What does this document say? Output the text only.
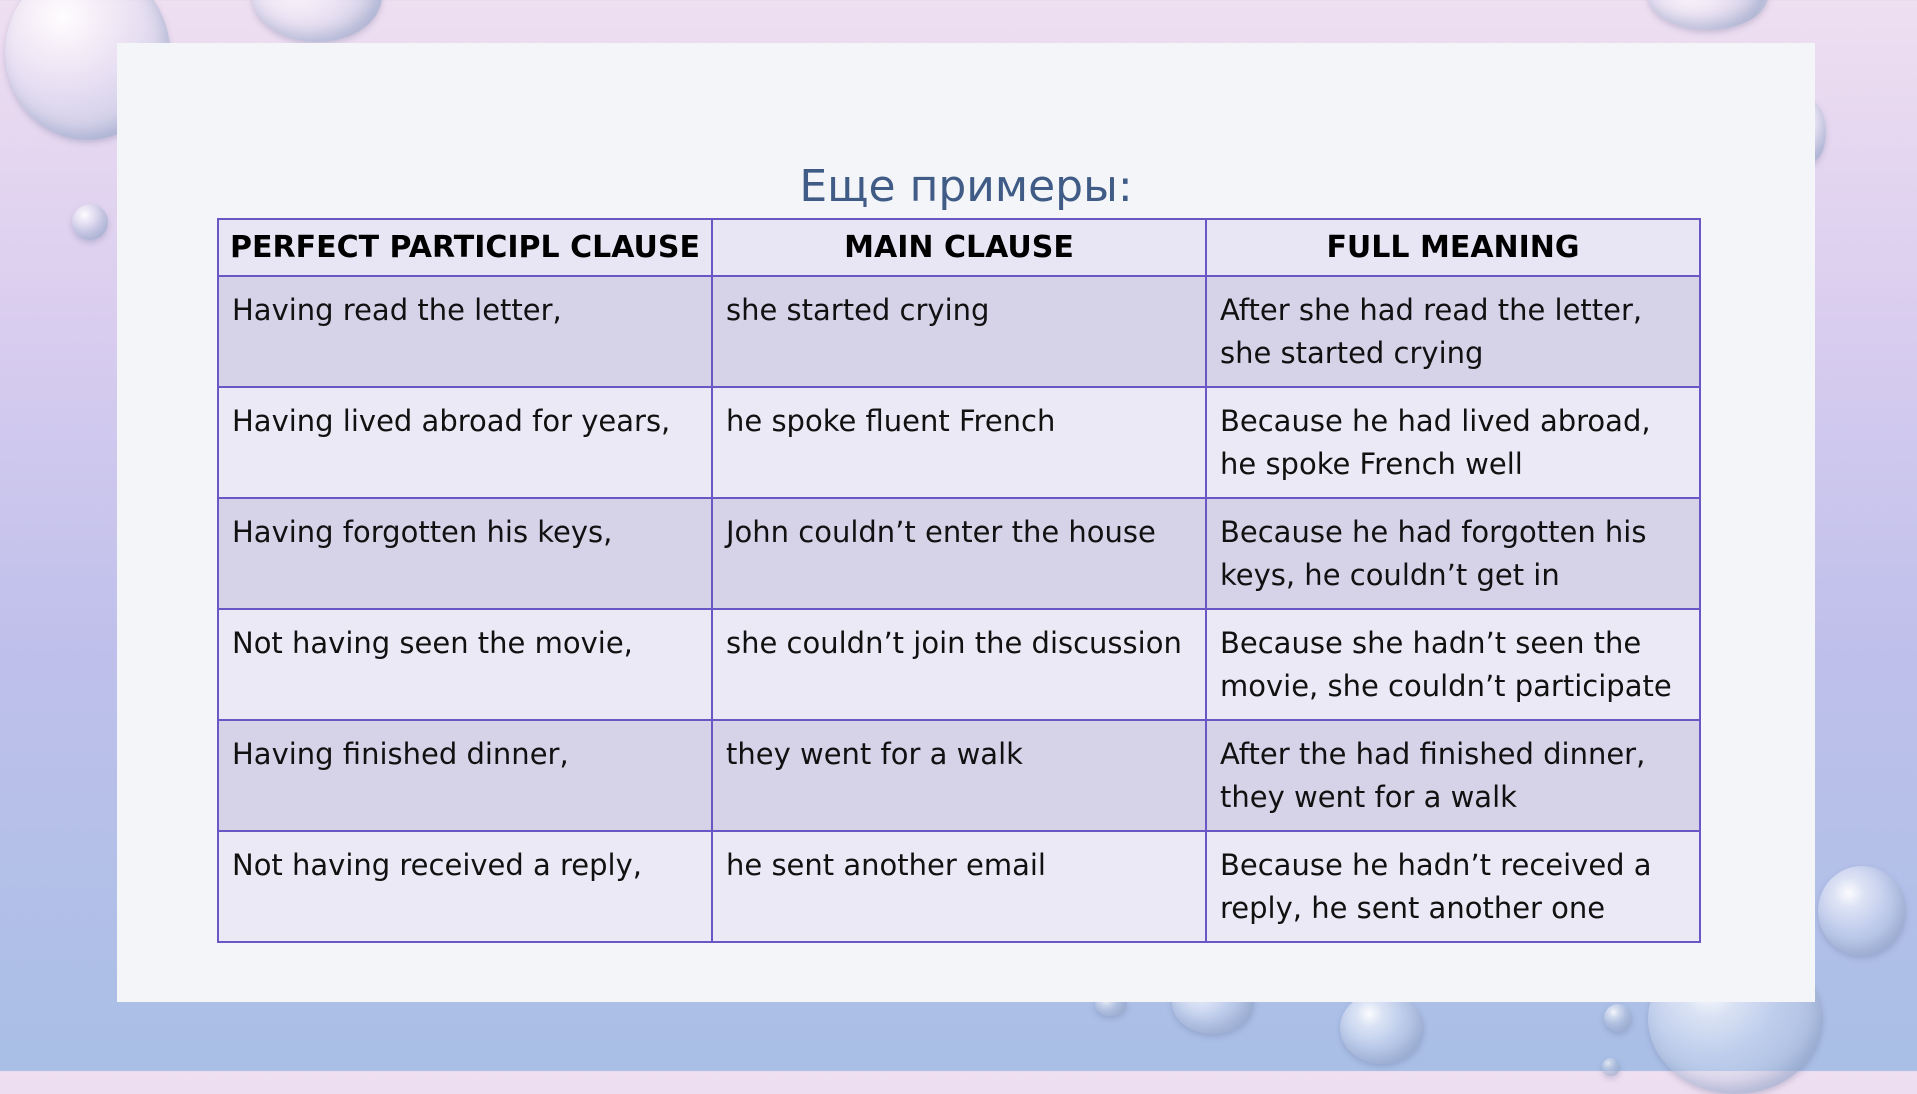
Еще примеры:
PERFECT PARTICIPL CLAUSE	MAIN CLAUSE	FULL MEANING
Having read the letter,	she started crying	After she had read the letter, she started crying
Having lived abroad for years,	he spoke fluent French	Because he had lived abroad, he spoke French well
Having forgotten his keys,	John couldn’t enter the house	Because he had forgotten his keys, he couldn’t get in
Not having seen the movie,	she couldn’t join the discussion	Because she hadn’t seen the movie, she couldn’t participate
Having finished dinner,	they went for a walk	After the had finished dinner, they went for a walk
Not having received a reply,	he sent another email	Because he hadn’t received a reply, he sent another one
